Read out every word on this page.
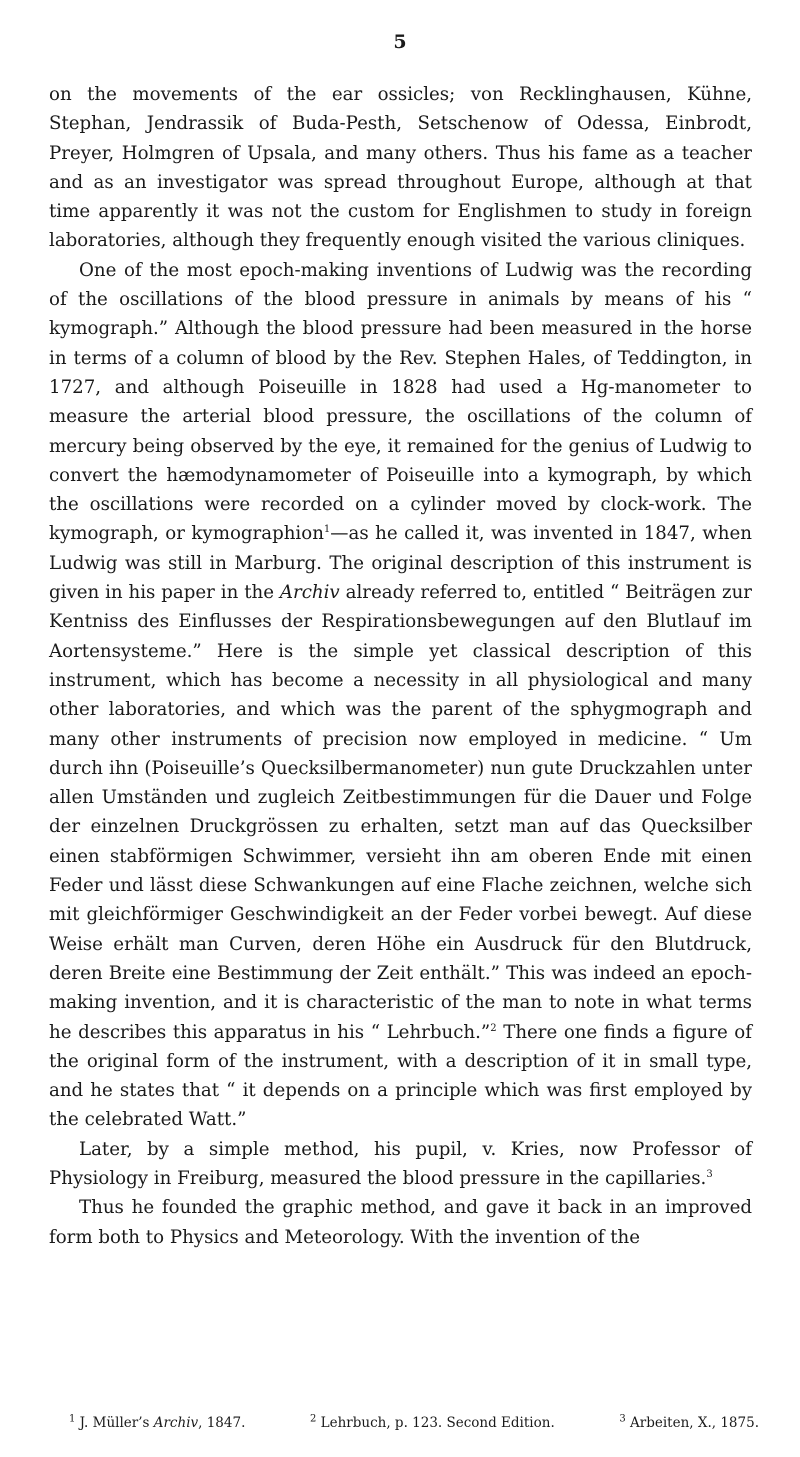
5

on the movements of the ear ossicles; von Recklinghausen, Kühne, Stephan, Jendrassik of Buda-Pesth, Setschenow of Odessa, Einbrodt, Preyer, Holmgren of Upsala, and many others. Thus his fame as a teacher and as an investigator was spread throughout Europe, although at that time apparently it was not the custom for Englishmen to study in foreign laboratories, although they frequently enough visited the various cliniques.

One of the most epoch-making inventions of Ludwig was the recording of the oscillations of the blood pressure in animals by means of his “ kymograph.” Although the blood pressure had been measured in the horse in terms of a column of blood by the Rev. Stephen Hales, of Teddington, in 1727, and although Poiseuille in 1828 had used a Hg-manometer to measure the arterial blood pressure, the oscillations of the column of mercury being observed by the eye, it remained for the genius of Ludwig to convert the hæmodynamometer of Poiseuille into a kymograph, by which the oscillations were recorded on a cylinder moved by clock-work. The kymograph, or kymographion$^1$—as he called it, was invented in 1847, when Ludwig was still in Marburg. The original description of this instrument is given in his paper in the Archiv already referred to, entitled “ Beiträgen zur Kentniss des Einflusses der Respirationsbewegungen auf den Blutlauf im Aortensysteme.” Here is the simple yet classical description of this instrument, which has become a necessity in all physiological and many other laboratories, and which was the parent of the sphygmograph and many other instruments of precision now employed in medicine. “ Um durch ihn (Poiseuille’s Quecksilbermanometer) nun gute Druckzahlen unter allen Umständen und zugleich Zeitbestimmungen für die Dauer und Folge der einzelnen Druckgrössen zu erhalten, setzt man auf das Quecksilber einen stabförmigen Schwimmer, versieht ihn am oberen Ende mit einen Feder und lässt diese Schwankungen auf eine Flache zeichnen, welche sich mit gleichförmiger Geschwindigkeit an der Feder vorbei bewegt. Auf diese Weise erhält man Curven, deren Höhe ein Ausdruck für den Blutdruck, deren Breite eine Bestimmung der Zeit enthält.” This was indeed an epoch-making invention, and it is characteristic of the man to note in what terms he describes this apparatus in his “ Lehrbuch.”$^2$ There one finds a figure of the original form of the instrument, with a description of it in small type, and he states that “ it depends on a principle which was first employed by the celebrated Watt.”

Later, by a simple method, his pupil, v. Kries, now Professor of Physiology in Freiburg, measured the blood pressure in the capillaries.$^3$

Thus he founded the graphic method, and gave it back in an improved form both to Physics and Meteorology. With the invention of the

$^1$ J. Müller’s Archiv, 1847.	$^2$ Lehrbuch, p. 123. Second Edition.	$^3$ Arbeiten, X., 1875.
